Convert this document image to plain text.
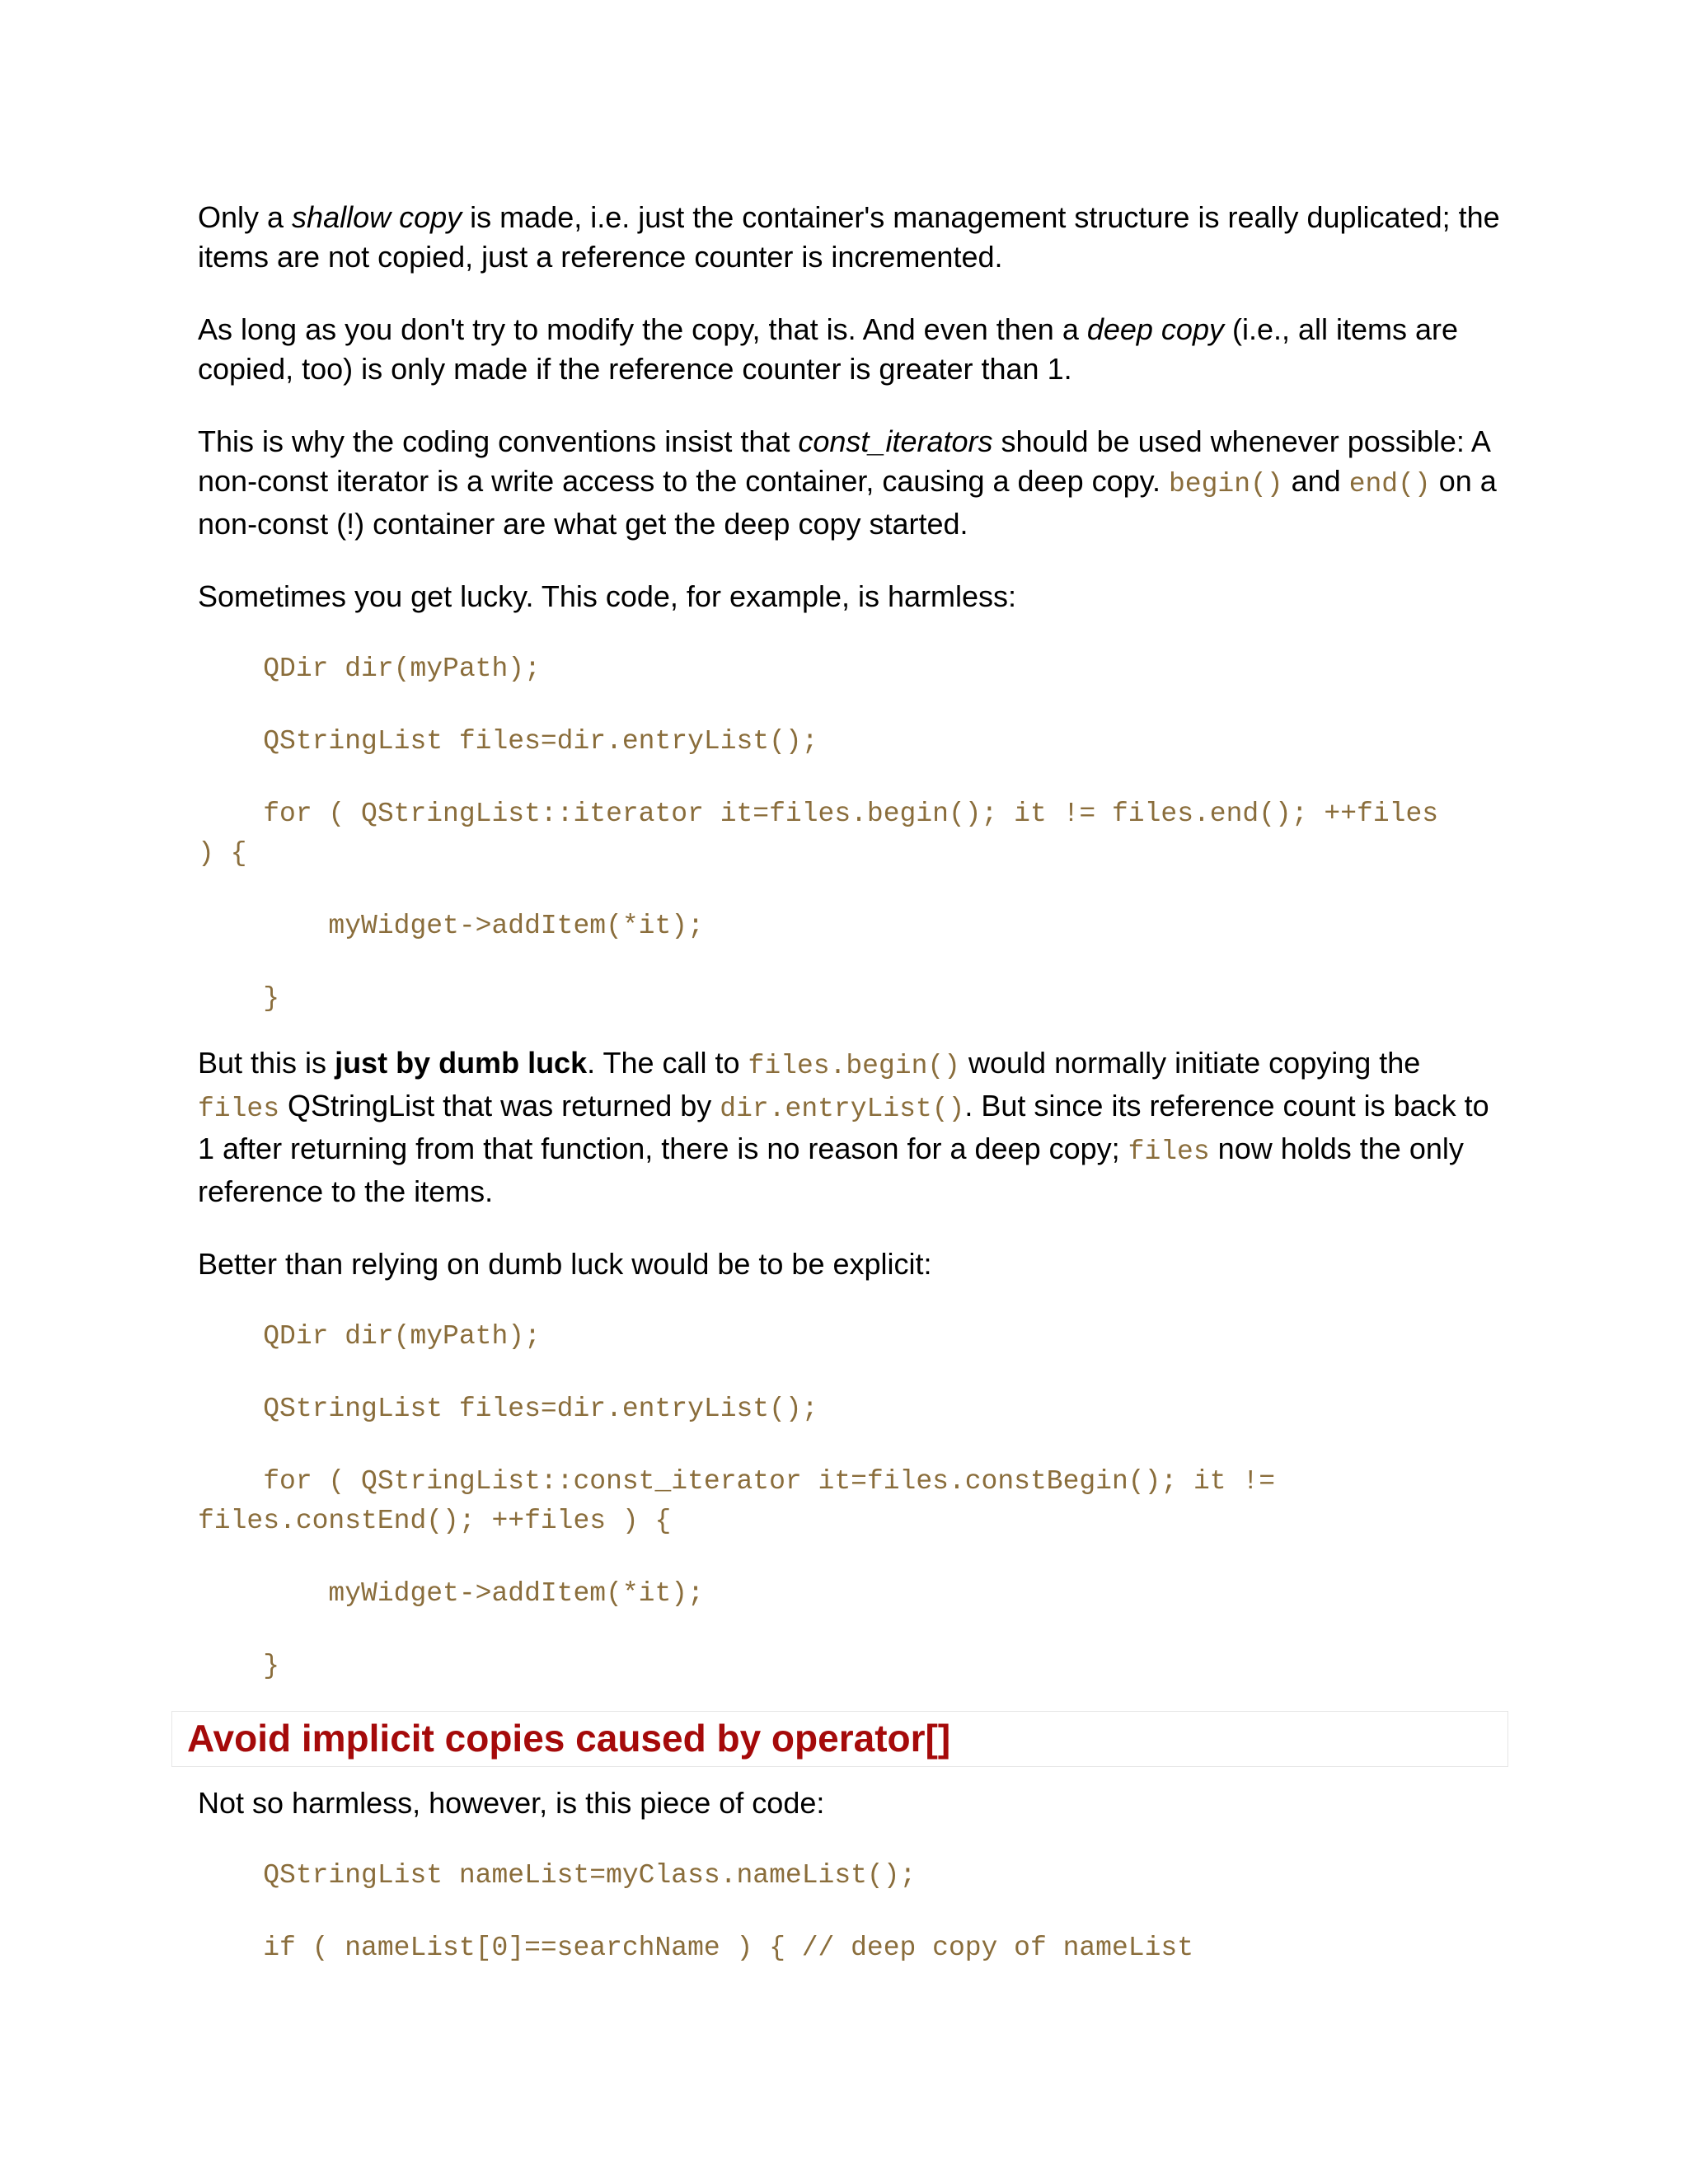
Only a shallow copy is made, i.e. just the container's management structure is really duplicated; the items are not copied, just a reference counter is incremented.

As long as you don't try to modify the copy, that is. And even then a deep copy (i.e., all items are copied, too) is only made if the reference counter is greater than 1.

This is why the coding conventions insist that const_iterators should be used whenever possible: A non-const iterator is a write access to the container, causing a deep copy. begin() and end() on a non-const (!) container are what get the deep copy started.

Sometimes you get lucky. This code, for example, is harmless:

QDir dir(myPath);
QStringList files=dir.entryList();
for ( QStringList::iterator it=files.begin(); it != files.end(); ++files
) {
myWidget->addItem(*it);
}

But this is just by dumb luck. The call to files.begin() would normally initiate copying the files QStringList that was returned by dir.entryList(). But since its reference count is back to 1 after returning from that function, there is no reason for a deep copy; files now holds the only reference to the items.

Better than relying on dumb luck would be to be explicit:

QDir dir(myPath);
QStringList files=dir.entryList();
for ( QStringList::const_iterator it=files.constBegin(); it !=
files.constEnd(); ++files ) {
myWidget->addItem(*it);
}
Avoid implicit copies caused by operator[]

Not so harmless, however, is this piece of code:

QStringList nameList=myClass.nameList();
if ( nameList[0]==searchName ) { // deep copy of nameList
